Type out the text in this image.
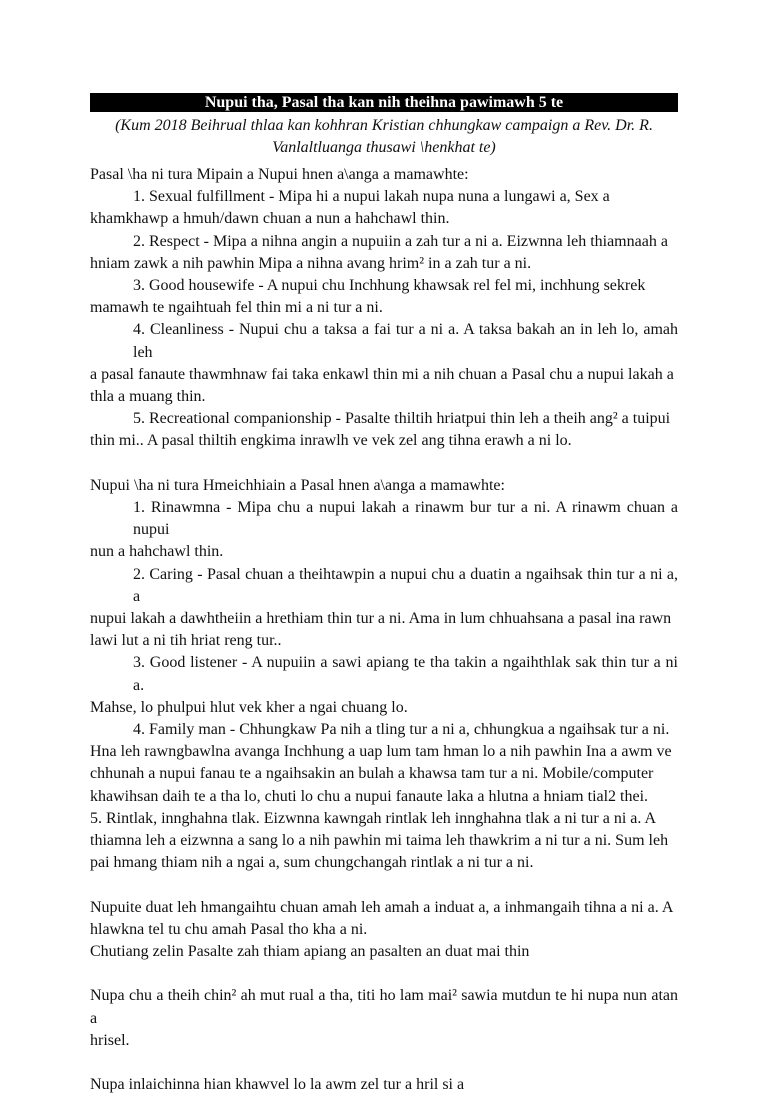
Nupui tha, Pasal tha kan nih theihna pawimawh 5 te
(Kum 2018 Beihrual thlaa kan kohhran Kristian chhungkaw campaign a Rev. Dr. R.
Vanlaltluanga thusawi \henkhat te)
Pasal \ha ni tura Mipain a Nupui hnen a\anga a mamawhte:
1. Sexual fulfillment - Mipa hi a nupui lakah nupa nuna a lungawi a, Sex a
khamkhawp a hmuh/dawn chuan a nun a hahchawl thin.
2. Respect - Mipa a nihna angin a nupuiin a zah tur a ni a. Eizwnna leh thiamnaah a
hniam zawk a nih pawhin Mipa a nihna avang hrim² in a zah tur a ni.
3. Good housewife - A nupui chu Inchhung khawsak rel fel mi, inchhung sekrek
mamawh te ngaihtuah fel thin mi a ni tur a ni.
4. Cleanliness - Nupui chu a taksa a fai tur a ni a. A taksa bakah an in leh lo, amah leh
a pasal fanaute thawmhnaw fai taka enkawl thin mi a nih chuan a Pasal chu a nupui lakah a
thla a muang thin.
5. Recreational companionship - Pasalte thiltih hriatpui thin leh a theih ang² a tuipui
thin mi.. A pasal thiltih engkima inrawlh ve vek zel ang tihna erawh a ni lo.
Nupui \ha ni tura Hmeichhiain a Pasal hnen a\anga a mamawhte:
1. Rinawmna - Mipa chu a nupui lakah a rinawm bur tur a ni. A rinawm chuan a nupui
nun a hahchawl thin.
2. Caring - Pasal chuan a theihtawpin a nupui chu a duatin a ngaihsak thin tur a ni a, a
nupui lakah a dawhtheiin a hrethiam thin tur a ni. Ama in lum chhuahsana a pasal ina rawn
lawi lut a ni tih hriat reng tur..
3. Good listener - A nupuiin a sawi apiang te tha takin a ngaihthlak sak thin tur a ni a.
Mahse, lo phulpui hlut vek kher a ngai chuang lo.
4. Family man - Chhungkaw Pa nih a tling tur a ni a, chhungkua a ngaihsak tur a ni.
Hna leh rawngbawlna avanga Inchhung a uap lum tam hman lo a nih pawhin Ina a awm ve
chhunah a nupui fanau te a ngaihsakin an bulah a khawsa tam tur a ni. Mobile/computer
khawihsan daih te a tha lo, chuti lo chu a nupui fanaute laka a hlutna a hniam tial2 thei.
5. Rintlak, innghahna tlak. Eizwnna kawngah rintlak leh innghahna tlak a ni tur a ni a. A
thiamna leh a eizwnna a sang lo a nih pawhin mi taima leh thawkrim a ni tur a ni. Sum leh
pai hmang thiam nih a ngai a, sum chungchangah rintlak a ni tur a ni.
Nupuite duat leh hmangaihtu chuan amah leh amah a induat a, a inhmangaih tihna a ni a. A
hlawkna tel tu chu amah Pasal tho kha a ni.
Chutiang zelin Pasalte zah thiam apiang an pasalten an duat mai thin
Nupa chu a theih chin² ah mut rual a tha, titi ho lam mai² sawia mutdun te hi nupa nun atan a
hrisel.
Nupa inlaichinna hian khawvel lo la awm zel tur a hril si a
